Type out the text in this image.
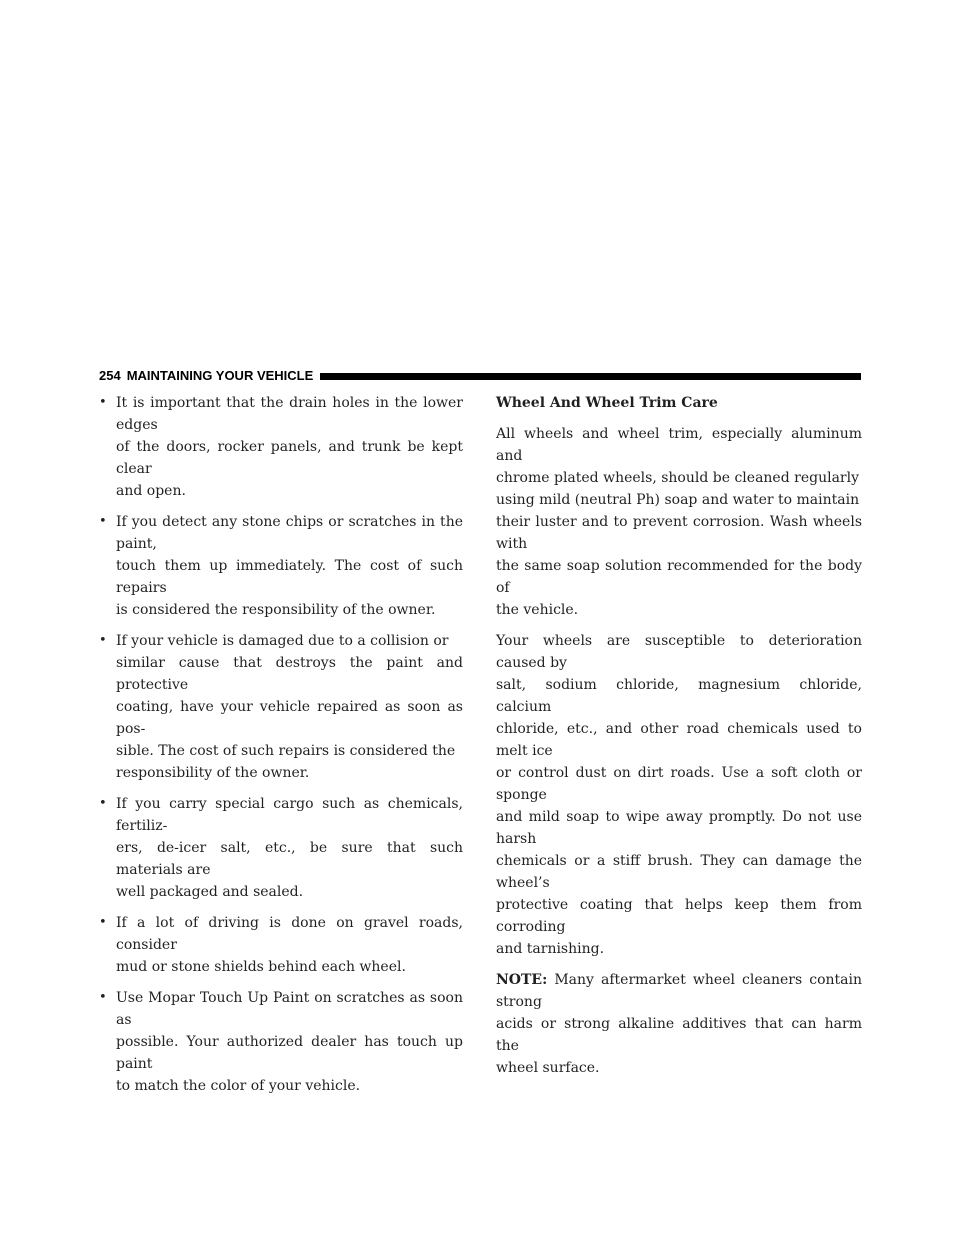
254 MAINTAINING YOUR VEHICLE
• It is important that the drain holes in the lower edges
of the doors, rocker panels, and trunk be kept clear
and open.
• If you detect any stone chips or scratches in the paint,
touch them up immediately. The cost of such repairs
is considered the responsibility of the owner.
• If your vehicle is damaged due to a collision or
similar cause that destroys the paint and protective
coating, have your vehicle repaired as soon as pos-
sible. The cost of such repairs is considered the
responsibility of the owner.
• If you carry special cargo such as chemicals, fertiliz-
ers, de-icer salt, etc., be sure that such materials are
well packaged and sealed.
• If a lot of driving is done on gravel roads, consider
mud or stone shields behind each wheel.
• Use Mopar Touch Up Paint on scratches as soon as
possible. Your authorized dealer has touch up paint
to match the color of your vehicle.
Wheel And Wheel Trim Care

All wheels and wheel trim, especially aluminum and
chrome plated wheels, should be cleaned regularly
using mild (neutral Ph) soap and water to maintain
their luster and to prevent corrosion. Wash wheels with
the same soap solution recommended for the body of
the vehicle.

Your wheels are susceptible to deterioration caused by
salt, sodium chloride, magnesium chloride, calcium
chloride, etc., and other road chemicals used to melt ice
or control dust on dirt roads. Use a soft cloth or sponge
and mild soap to wipe away promptly. Do not use harsh
chemicals or a stiff brush. They can damage the wheel’s
protective coating that helps keep them from corroding
and tarnishing.

NOTE: Many aftermarket wheel cleaners contain strong
acids or strong alkaline additives that can harm the
wheel surface.
